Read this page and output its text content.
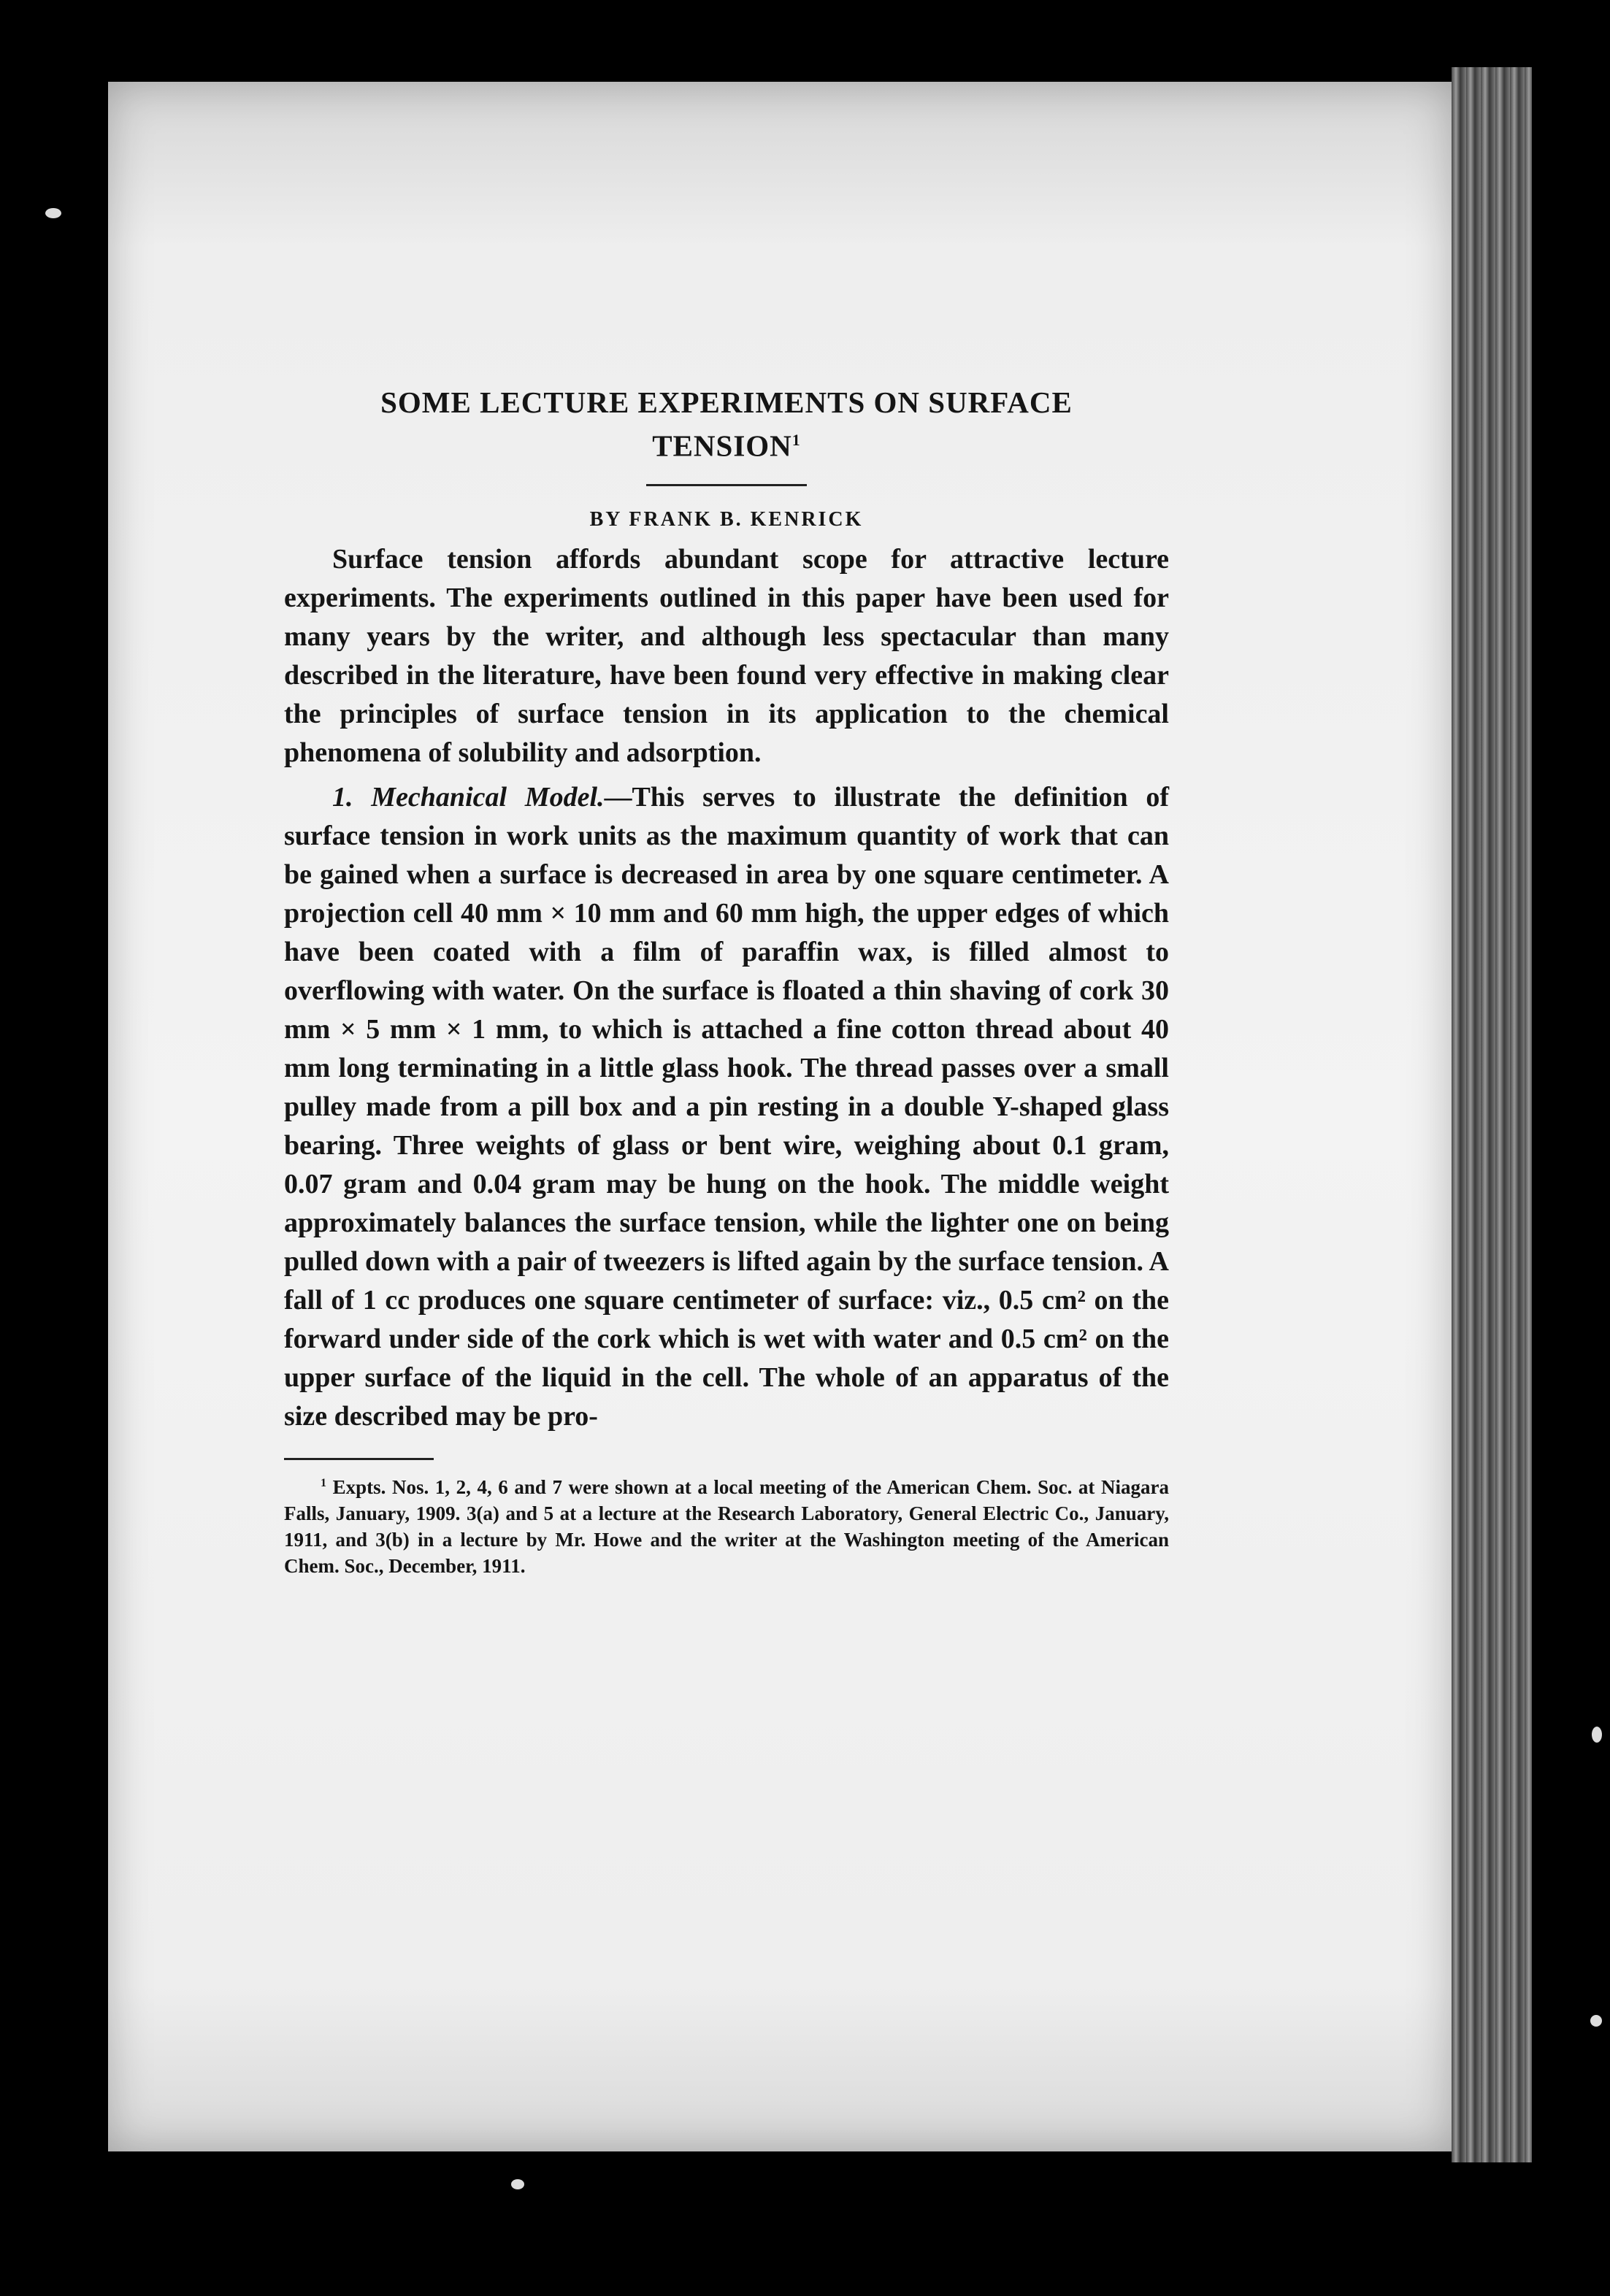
SOME LECTURE EXPERIMENTS ON SURFACE
TENSION$^1$

BY FRANK B. KENRICK

Surface tension affords abundant scope for attractive lecture experiments. The experiments outlined in this paper have been used for many years by the writer, and although less spectacular than many described in the literature, have been found very effective in making clear the principles of surface tension in its application to the chemical phenomena of solubility and adsorption.

1. Mechanical Model.—This serves to illustrate the definition of surface tension in work units as the maximum quantity of work that can be gained when a surface is decreased in area by one square centimeter. A projection cell 40 mm × 10 mm and 60 mm high, the upper edges of which have been coated with a film of paraffin wax, is filled almost to overflowing with water. On the surface is floated a thin shaving of cork 30 mm × 5 mm × 1 mm, to which is attached a fine cotton thread about 40 mm long terminating in a little glass hook. The thread passes over a small pulley made from a pill box and a pin resting in a double Y-shaped glass bearing. Three weights of glass or bent wire, weighing about 0.1 gram, 0.07 gram and 0.04 gram may be hung on the hook. The middle weight approximately balances the surface tension, while the lighter one on being pulled down with a pair of tweezers is lifted again by the surface tension. A fall of 1 cc produces one square centimeter of surface: viz., 0.5 cm² on the forward under side of the cork which is wet with water and 0.5 cm² on the upper surface of the liquid in the cell. The whole of an apparatus of the size described may be pro-

$^1$ Expts. Nos. 1, 2, 4, 6 and 7 were shown at a local meeting of the American Chem. Soc. at Niagara Falls, January, 1909. 3(a) and 5 at a lecture at the Research Laboratory, General Electric Co., January, 1911, and 3(b) in a lecture by Mr. Howe and the writer at the Washington meeting of the American Chem. Soc., December, 1911.
